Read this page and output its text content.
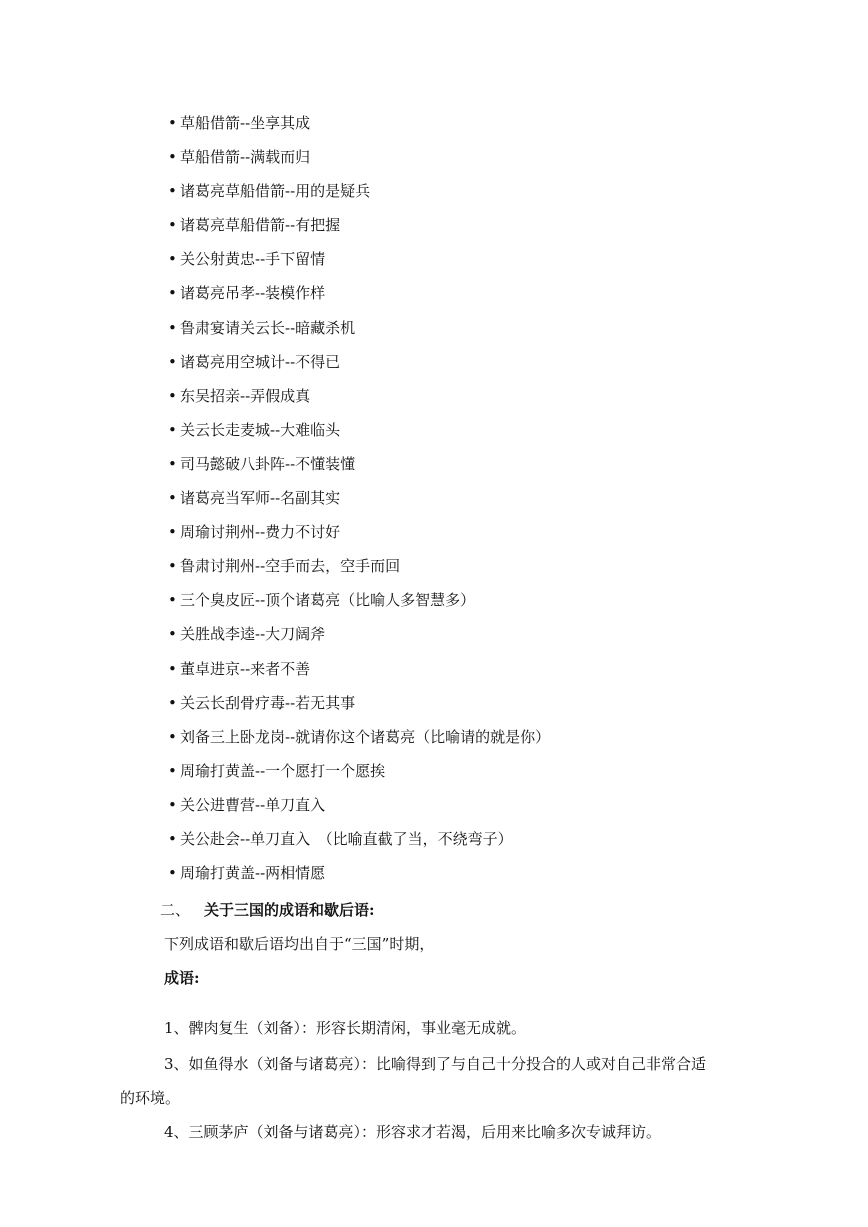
• 草船借箭--坐享其成
• 草船借箭--满载而归
• 诸葛亮草船借箭--用的是疑兵
• 诸葛亮草船借箭--有把握
• 关公射黄忠--手下留情
• 诸葛亮吊孝--装模作样
• 鲁肃宴请关云长--暗藏杀机
• 诸葛亮用空城计--不得已
• 东吴招亲--弄假成真
• 关云长走麦城--大难临头
• 司马懿破八卦阵--不懂装懂
• 诸葛亮当军师--名副其实
• 周瑜讨荆州--费力不讨好
• 鲁肃讨荆州--空手而去，空手而回
• 三个臭皮匠--顶个诸葛亮（比喻人多智慧多）
• 关胜战李逵--大刀阔斧
• 董卓进京--来者不善
• 关云长刮骨疗毒--若无其事
• 刘备三上卧龙岗--就请你这个诸葛亮（比喻请的就是你）
• 周瑜打黄盖--一个愿打一个愿挨
• 关公进曹营--单刀直入
• 关公赴会--单刀直入　（比喻直截了当，不绕弯子）
• 周瑜打黄盖--两相情愿
二、 关于三国的成语和歇后语:
下列成语和歇后语均出自于“三国”时期，
成语:

1、髀肉复生（刘备）：形容长期清闲，事业毫无成就。

3、如鱼得水（刘备与诸葛亮）：比喻得到了与自己十分投合的人或对自己非常合适的环境。

4、三顾茅庐（刘备与诸葛亮）：形容求才若渴，后用来比喻多次专诚拜访。
